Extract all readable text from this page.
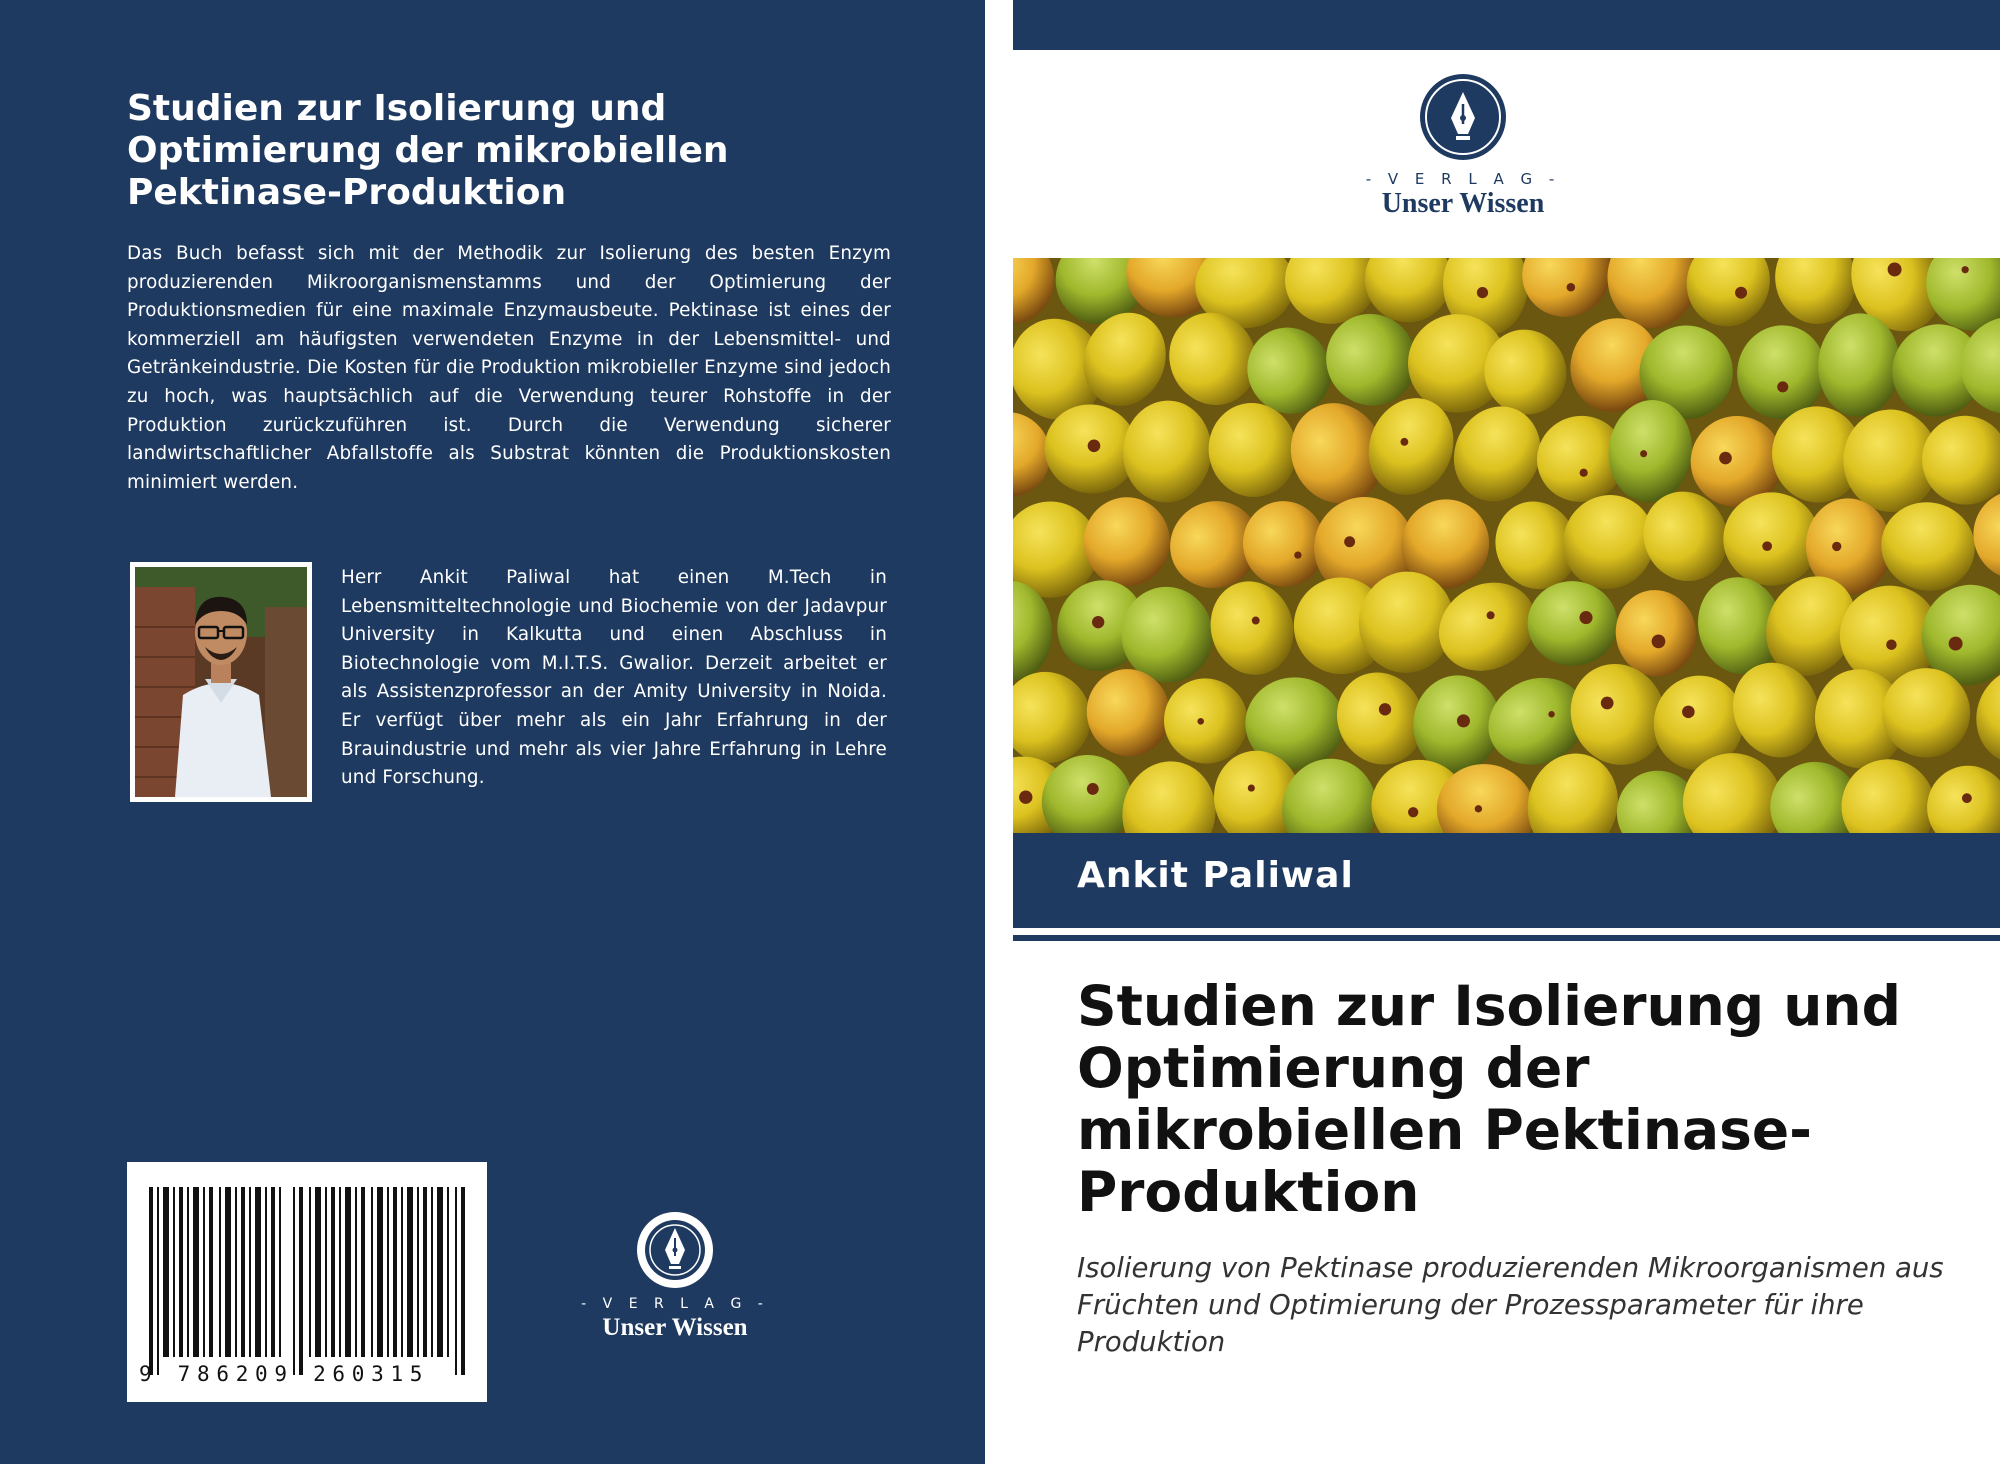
Studien zur Isolierung und Optimierung der mikrobiellen Pektinase-Produktion
Das Buch befasst sich mit der Methodik zur Isolierung des besten Enzym produzierenden Mikroorganismenstamms und der Optimierung der Produktionsmedien für eine maximale Enzymausbeute. Pektinase ist eines der kommerziell am häufigsten verwendeten Enzyme in der Lebensmittel- und Getränkeindustrie. Die Kosten für die Produktion mikrobieller Enzyme sind jedoch zu hoch, was hauptsächlich auf die Verwendung teurer Rohstoffe in der Produktion zurückzuführen ist. Durch die Verwendung sicherer landwirtschaftlicher Abfallstoffe als Substrat könnten die Produktionskosten minimiert werden.
Herr Ankit Paliwal hat einen M.Tech in Lebensmitteltechnologie und Biochemie von der Jadavpur University in Kalkutta und einen Abschluss in Biotechnologie vom M.I.T.S. Gwalior. Derzeit arbeitet er als Assistenzprofessor an der Amity University in Noida. Er verfügt über mehr als ein Jahr Erfahrung in der Brauindustrie und mehr als vier Jahre Erfahrung in Lehre und Forschung.
9 786209 260315
- V E R L A G -
Unser Wissen
- V E R L A G -
Unser Wissen
Ankit Paliwal
Studien zur Isolierung und Optimierung der mikrobiellen Pektinase-Produktion
Isolierung von Pektinase produzierenden Mikroorganismen aus Früchten und Optimierung der Prozessparameter für ihre Produktion
